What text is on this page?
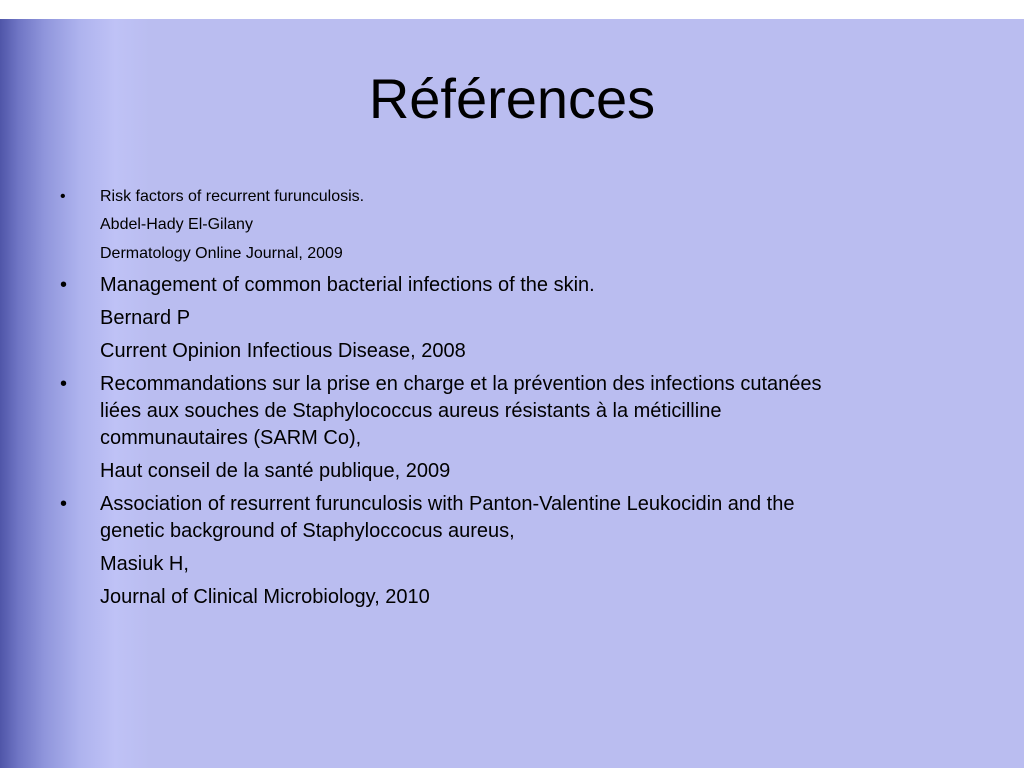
Références
• Risk factors of recurrent furunculosis.
Abdel-Hady El-Gilany
Dermatology Online Journal, 2009
• Management of common bacterial infections of the skin.
Bernard P
Current Opinion Infectious Disease, 2008
• Recommandations sur la prise en charge et la prévention des infections cutanées
liées aux souches de Staphylococcus aureus résistants à la méticilline
communautaires (SARM Co),
Haut conseil de la santé publique, 2009
• Association of resurrent furunculosis with Panton-Valentine Leukocidin and the
genetic background of Staphyloccocus aureus,
Masiuk H,
Journal of Clinical Microbiology, 2010
